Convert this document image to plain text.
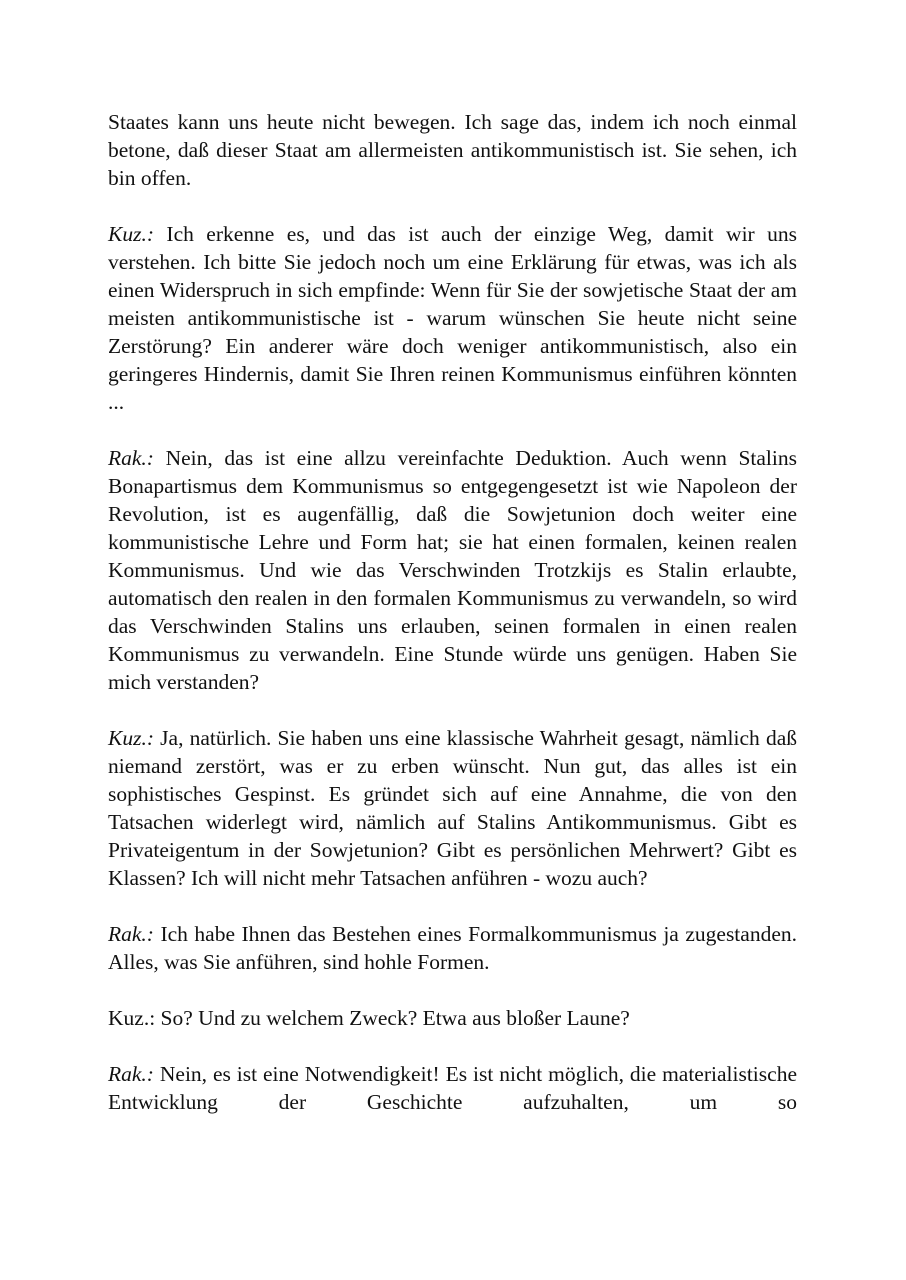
Staates kann uns heute nicht bewegen. Ich sage das, indem ich noch einmal betone, daß dieser Staat am allermeisten antikommunistisch ist. Sie sehen, ich bin offen.

Kuz.: Ich erkenne es, und das ist auch der einzige Weg, damit wir uns verstehen. Ich bitte Sie jedoch noch um eine Erklärung für etwas, was ich als einen Widerspruch in sich empfinde: Wenn für Sie der sowjetische Staat der am meisten antikommunistische ist - warum wünschen Sie heute nicht seine Zerstörung? Ein anderer wäre doch weniger antikommunistisch, also ein geringeres Hindernis, damit Sie Ihren reinen Kommunismus einführen könnten ...

Rak.: Nein, das ist eine allzu vereinfachte Deduktion. Auch wenn Stalins Bonapartismus dem Kommunismus so entgegengesetzt ist wie Napoleon der Revolution, ist es augenfällig, daß die Sowjetunion doch weiter eine kommunistische Lehre und Form hat; sie hat einen formalen, keinen realen Kommunismus. Und wie das Verschwinden Trotzkijs es Stalin erlaubte, automatisch den realen in den formalen Kommunismus zu verwandeln, so wird das Verschwinden Stalins uns erlauben, seinen formalen in einen realen Kommunismus zu verwandeln. Eine Stunde würde uns genügen. Haben Sie mich verstanden?

Kuz.: Ja, natürlich. Sie haben uns eine klassische Wahrheit gesagt, nämlich daß niemand zerstört, was er zu erben wünscht. Nun gut, das alles ist ein sophistisches Gespinst. Es gründet sich auf eine Annahme, die von den Tatsachen widerlegt wird, nämlich auf Stalins Antikommunismus. Gibt es Privateigentum in der Sowjetunion? Gibt es persönlichen Mehrwert? Gibt es Klassen? Ich will nicht mehr Tatsachen anführen - wozu auch?

Rak.: Ich habe Ihnen das Bestehen eines Formalkommunismus ja zugestanden. Alles, was Sie anführen, sind hohle Formen.

Kuz.: So? Und zu welchem Zweck? Etwa aus bloßer Laune?

Rak.: Nein, es ist eine Notwendigkeit! Es ist nicht möglich, die materialistische Entwicklung der Geschichte aufzuhalten, um so
